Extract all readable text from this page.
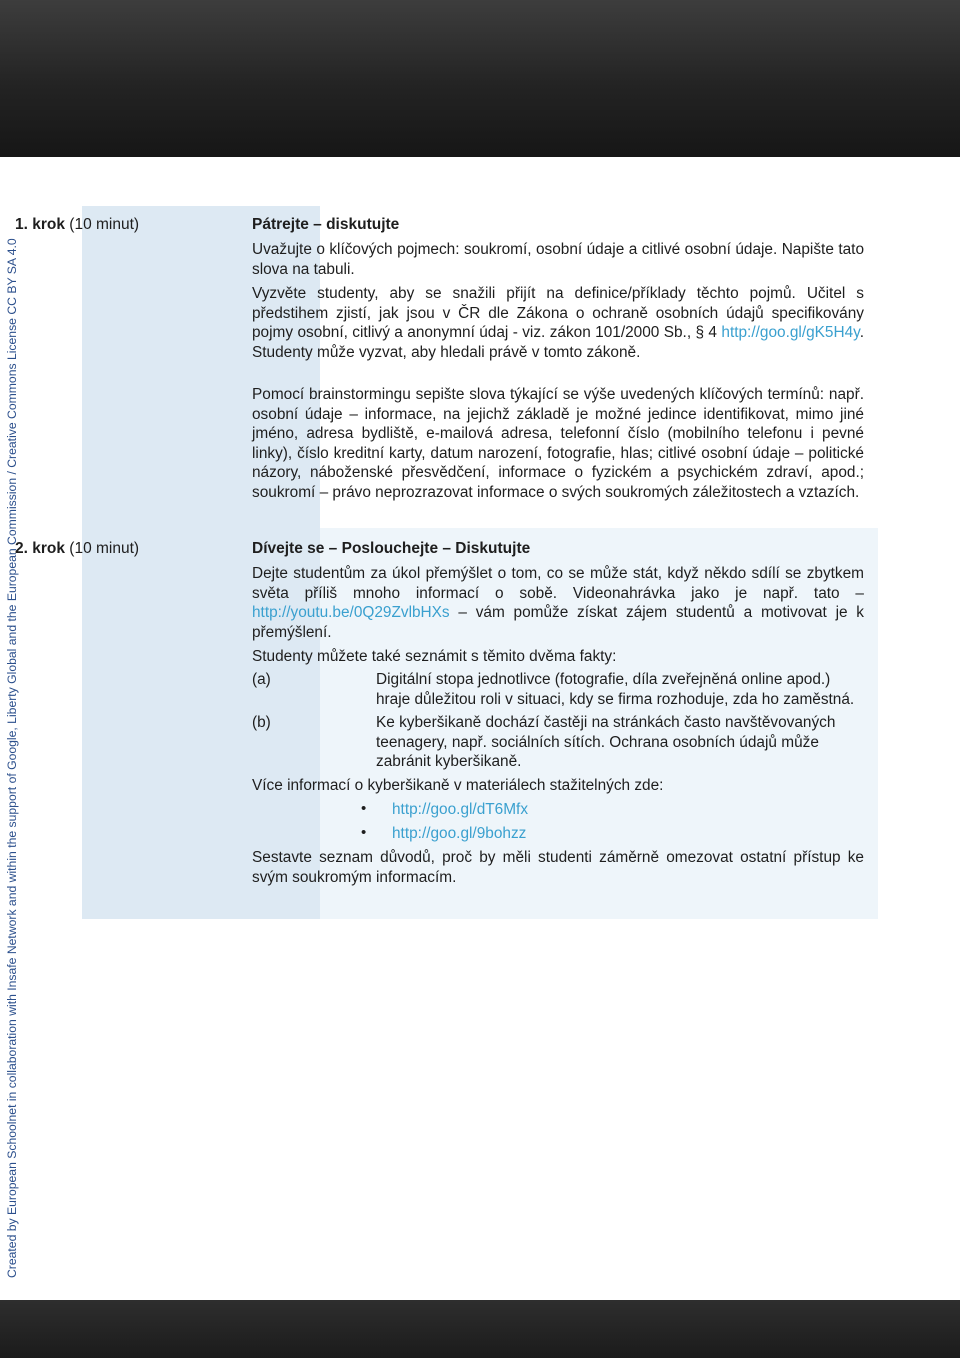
Created by European Schoolnet in collaboration with Insafe Network and within the support of Google, Liberty Global and the European Commission / Creative Commons License CC BY SA 4.0
1. krok (10 minut)	Pátrejte – diskutujte
Uvažujte o klíčových pojmech: soukromí, osobní údaje a citlivé osobní údaje. Napište tato slova na tabuli.
Vyzvěte studenty, aby se snažili přijít na definice/příklady těchto pojmů. Učitel s předstihem zjistí, jak jsou v ČR dle Zákona o ochraně osobních údajů specifikovány pojmy osobní, citlivý a anonymní údaj - viz. zákon 101/2000 Sb., § 4 http://goo.gl/gK5H4y. Studenty může vyzvat, aby hledali právě v tomto zákoně.
Pomocí brainstormingu sepište slova týkající se výše uvedených klíčových termínů: např. osobní údaje – informace, na jejichž základě je možné jedince identifikovat, mimo jiné jméno, adresa bydliště, e-mailová adresa, telefonní číslo (mobilního telefonu i pevné linky), číslo kreditní karty, datum narození, fotografie, hlas; citlivé osobní údaje – politické názory, náboženské přesvědčení, informace o fyzickém a psychickém zdraví, apod.; soukromí – právo neprozrazovat informace o svých soukromých záležitostech a vztazích.
2. krok (10 minut)	Dívejte se – Poslouchejte – Diskutujte
Dejte studentům za úkol přemýšlet o tom, co se může stát, když někdo sdílí se zbytkem světa příliš mnoho informací o sobě. Videonahrávka jako je např. tato – http://youtu.be/0Q29ZvlbHXs – vám pomůže získat zájem studentů a motivovat je k přemýšlení.
Studenty můžete také seznámit s těmito dvěma fakty:
(a)	Digitální stopa jednotlivce (fotografie, díla zveřejněná online apod.) hraje důležitou roli v situaci, kdy se firma rozhoduje, zda ho zaměstná.
(b)	Ke kyberšikaně dochází častěji na stránkách často navštěvovaných teenagery, např. sociálních sítích. Ochrana osobních údajů může zabránit kyberšikaně.
Více informací o kyberšikaně v materiálech stažitelných zde:
• http://goo.gl/dT6Mfx
• http://goo.gl/9bohzz
Sestavte seznam důvodů, proč by měli studenti záměrně omezovat ostatní přístup ke svým soukromým informacím.
